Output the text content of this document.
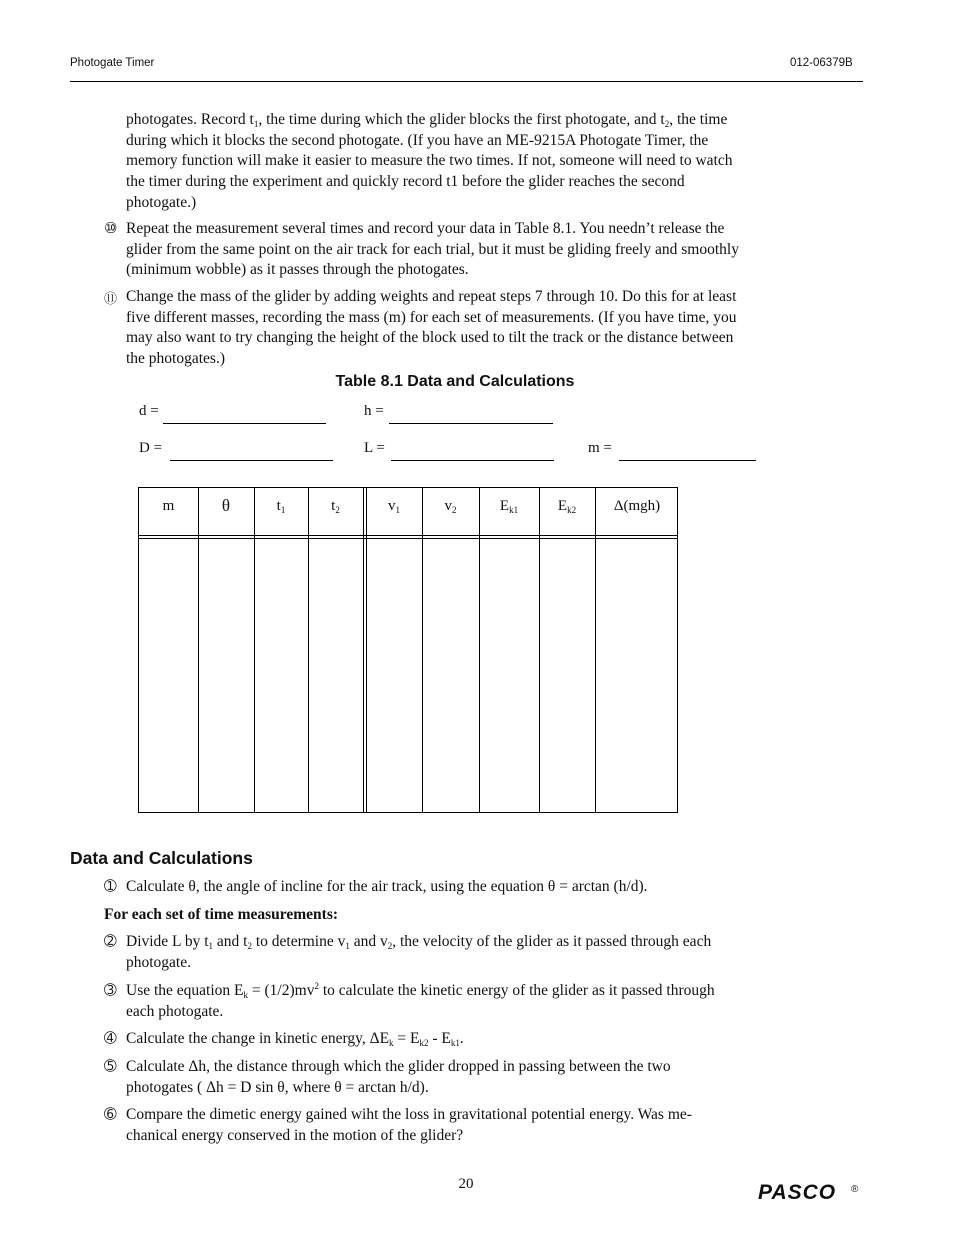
Photogate Timer	012-06379B
photogates. Record $t_1$, the time during which the glider blocks the first photogate, and $t_2$, the time during which it blocks the second photogate. (If you have an ME-9215A Photogate Timer, the memory function will make it easier to measure the two times. If not, someone will need to watch the timer during the experiment and quickly record t1 before the glider reaches the second photogate.)
⑩ Repeat the measurement several times and record your data in Table 8.1. You needn’t release the glider from the same point on the air track for each trial, but it must be gliding freely and smoothly (minimum wobble) as it passes through the photogates.
⑪ Change the mass of the glider by adding weights and repeat steps 7 through 10. Do this for at least five different masses, recording the mass (m) for each set of measurements. (If you have time, you may also want to try changing the height of the block used to tilt the track or the distance between the photogates.)
Table 8.1 Data and Calculations
d =	h =
D =	L =	m =
m	θ	$t_1$	$t_2$	$v_1$	$v_2$	$E_{k1}$	$E_{k2}$	Δ(mgh)
Data and Calculations
➀ Calculate θ, the angle of incline for the air track, using the equation θ = arctan (h/d).
For each set of time measurements:
➁ Divide L by $t_1$ and $t_2$ to determine $v_1$ and $v_2$, the velocity of the glider as it passed through each photogate.
➂ Use the equation $E_k = (1/2)mv^2$ to calculate the kinetic energy of the glider as it passed through each photogate.
➃ Calculate the change in kinetic energy, $\Delta E_k = E_{k2} - E_{k1}$.
➄ Calculate Δh, the distance through which the glider dropped in passing between the two photogates ( Δh = D sin θ, where θ = arctan h/d).
➅ Compare the dimetic energy gained wiht the loss in gravitational potential energy. Was me-chanical energy conserved in the motion of the glider?
20	PASCO ®
